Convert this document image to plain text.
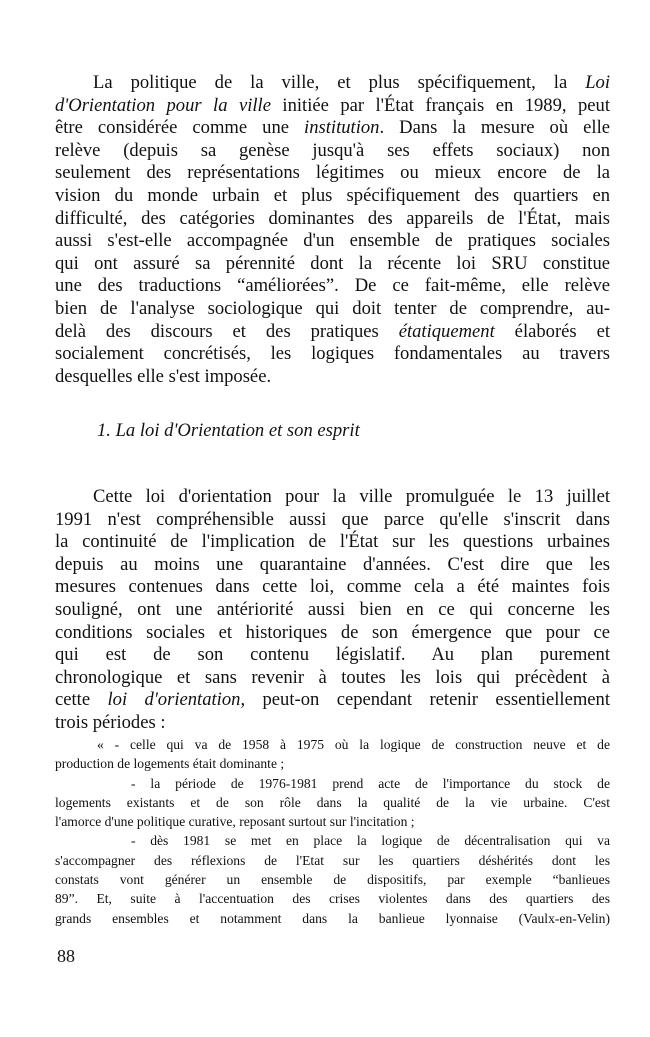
La politique de la ville, et plus spécifiquement, la Loi
d'Orientation pour la ville initiée par l'État français en 1989, peut
être considérée comme une institution. Dans la mesure où elle
relève (depuis sa genèse jusqu'à ses effets sociaux) non
seulement des représentations légitimes ou mieux encore de la
vision du monde urbain et plus spécifiquement des quartiers en
difficulté, des catégories dominantes des appareils de l'État, mais
aussi s'est-elle accompagnée d'un ensemble de pratiques sociales
qui ont assuré sa pérennité dont la récente loi SRU constitue
une des traductions “améliorées”. De ce fait-même, elle relève
bien de l'analyse sociologique qui doit tenter de comprendre, au-
delà des discours et des pratiques étatiquement élaborés et
socialement concrétisés, les logiques fondamentales au travers
desquelles elle s'est imposée.
1. La loi d'Orientation et son esprit
Cette loi d'orientation pour la ville promulguée le 13 juillet
1991 n'est compréhensible aussi que parce qu'elle s'inscrit dans
la continuité de l'implication de l'État sur les questions urbaines
depuis au moins une quarantaine d'années. C'est dire que les
mesures contenues dans cette loi, comme cela a été maintes fois
souligné, ont une antériorité aussi bien en ce qui concerne les
conditions sociales et historiques de son émergence que pour ce
qui est de son contenu législatif. Au plan purement
chronologique et sans revenir à toutes les lois qui précèdent à
cette loi d'orientation, peut-on cependant retenir essentiellement
trois périodes :
« - celle qui va de 1958 à 1975 où la logique de construction neuve et de
production de logements était dominante ;
- la période de 1976-1981 prend acte de l'importance du stock de
logements existants et de son rôle dans la qualité de la vie urbaine. C'est
l'amorce d'une politique curative, reposant surtout sur l'incitation ;
- dès 1981 se met en place la logique de décentralisation qui va
s'accompagner des réflexions de l'Etat sur les quartiers déshérités dont les
constats vont générer un ensemble de dispositifs, par exemple “banlieues
89”. Et, suite à l'accentuation des crises violentes dans des quartiers des
grands ensembles et notamment dans la banlieue lyonnaise (Vaulx-en-Velin)
88
